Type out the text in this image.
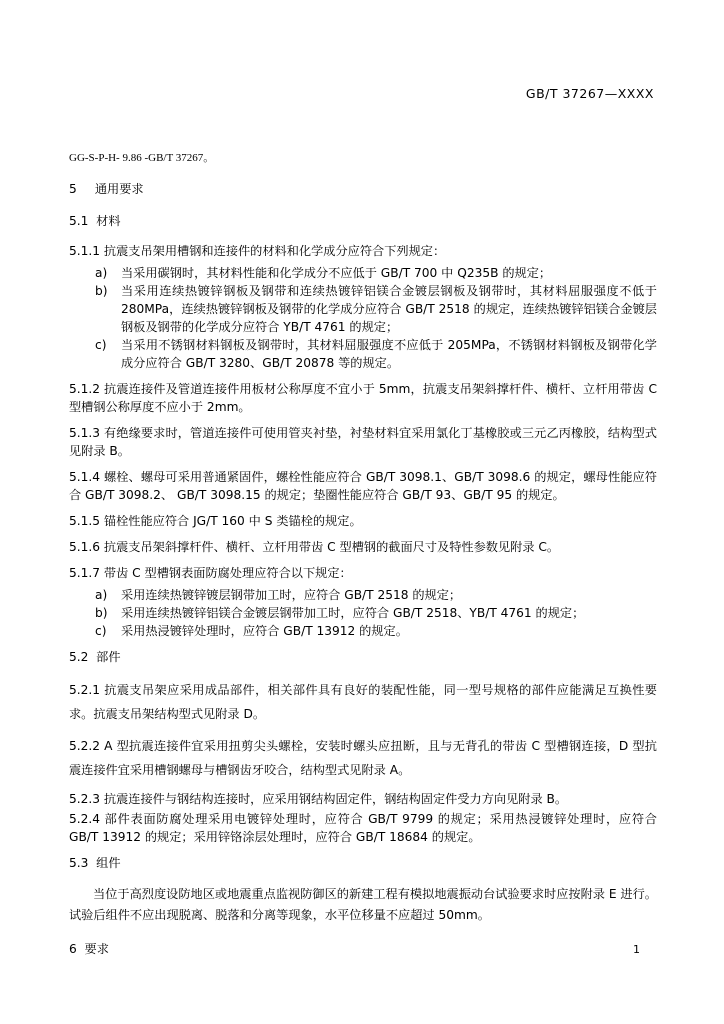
GB/T 37267—XXXX
GG-S-P-H- 9.86 -GB/T 37267。
5 通用要求
5.1 材料
5.1.1 抗震支吊架用槽钢和连接件的材料和化学成分应符合下列规定：
a) 当采用碳钢时，其材料性能和化学成分不应低于 GB/T 700 中 Q235B 的规定；
b) 当采用连续热镀锌钢板及钢带和连续热镀锌铝镁合金镀层钢板及钢带时，其材料屈服强度不低于 280MPa，连续热镀锌钢板及钢带的化学成分应符合 GB/T 2518 的规定，连续热镀锌铝镁合金镀层钢板及钢带的化学成分应符合 YB/T 4761 的规定；
c) 当采用不锈钢材料钢板及钢带时，其材料屈服强度不应低于 205MPa，不锈钢材料钢板及钢带化学成分应符合 GB/T 3280、GB/T 20878 等的规定。
5.1.2 抗震连接件及管道连接件用板材公称厚度不宜小于 5mm，抗震支吊架斜撑杆件、横杆、立杆用带齿 C 型槽钢公称厚度不应小于 2mm。
5.1.3 有绝缘要求时，管道连接件可使用管夹衬垫，衬垫材料宜采用氯化丁基橡胶或三元乙丙橡胶，结构型式见附录 B。
5.1.4 螺栓、螺母可采用普通紧固件，螺栓性能应符合 GB/T 3098.1、GB/T 3098.6 的规定，螺母性能应符合 GB/T 3098.2、 GB/T 3098.15 的规定；垫圈性能应符合 GB/T 93、GB/T 95 的规定。
5.1.5 锚栓性能应符合 JG/T 160 中 S 类锚栓的规定。
5.1.6 抗震支吊架斜撑杆件、横杆、立杆用带齿 C 型槽钢的截面尺寸及特性参数见附录 C。
5.1.7 带齿 C 型槽钢表面防腐处理应符合以下规定：
a) 采用连续热镀锌镀层钢带加工时，应符合 GB/T 2518 的规定；
b) 采用连续热镀锌铝镁合金镀层钢带加工时，应符合 GB/T 2518、YB/T 4761 的规定；
c) 采用热浸镀锌处理时，应符合 GB/T 13912 的规定。
5.2 部件
5.2.1 抗震支吊架应采用成品部件，相关部件具有良好的装配性能，同一型号规格的部件应能满足互换性要求。抗震支吊架结构型式见附录 D。
5.2.2 A 型抗震连接件宜采用扭剪尖头螺栓，安装时螺头应扭断，且与无背孔的带齿 C 型槽钢连接，D 型抗震连接件宜采用槽钢螺母与槽钢齿牙咬合，结构型式见附录 A。
5.2.3 抗震连接件与钢结构连接时，应采用钢结构固定件，钢结构固定件受力方向见附录 B。
5.2.4 部件表面防腐处理采用电镀锌处理时，应符合 GB/T 9799 的规定；采用热浸镀锌处理时，应符合 GB/T 13912 的规定；采用锌铬涂层处理时，应符合 GB/T 18684 的规定。
5.3 组件
当位于高烈度设防地区或地震重点监视防御区的新建工程有模拟地震振动台试验要求时应按附录 E 进行。试验后组件不应出现脱离、脱落和分离等现象，水平位移量不应超过 50mm。
6 要求	1
